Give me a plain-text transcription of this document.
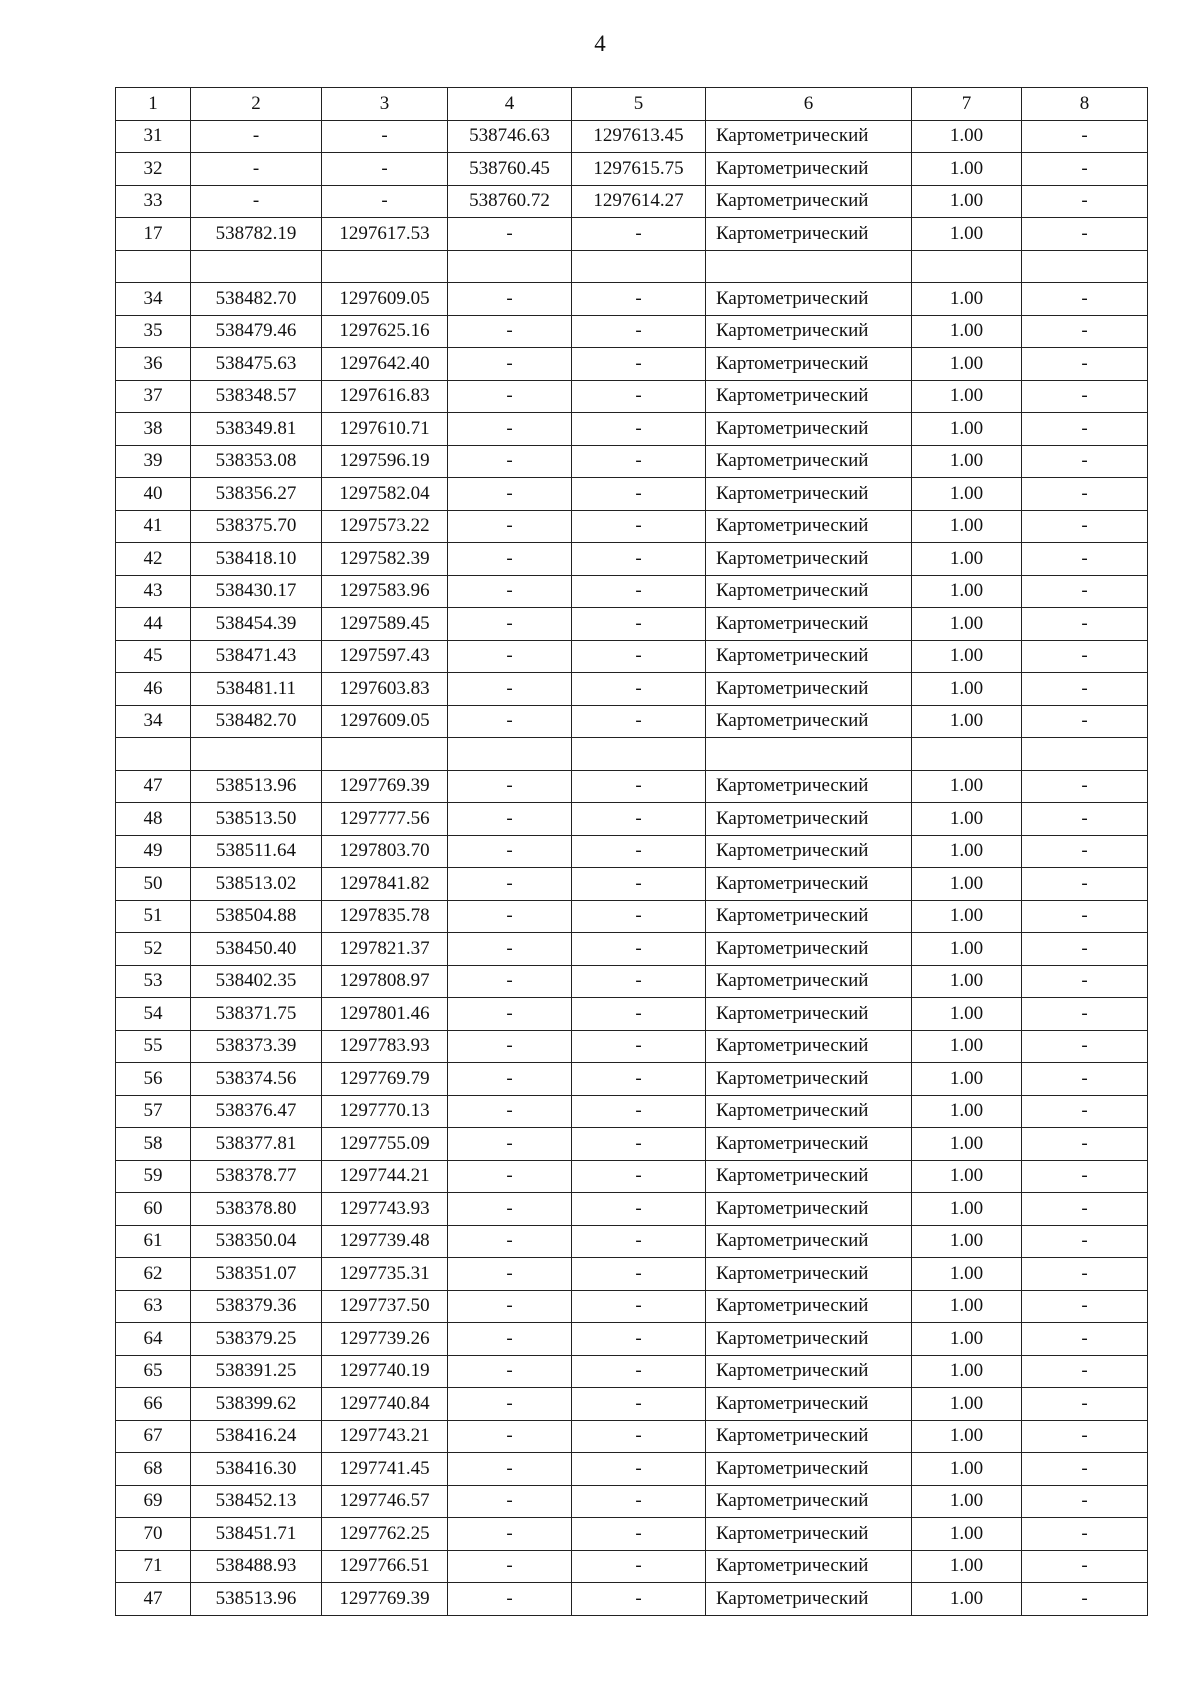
4
1	2	3	4	5	6	7	8
31	-	-	538746.63	1297613.45	Картометрический	1.00	-
32	-	-	538760.45	1297615.75	Картометрический	1.00	-
33	-	-	538760.72	1297614.27	Картометрический	1.00	-
17	538782.19	1297617.53	-	-	Картометрический	1.00	-

34	538482.70	1297609.05	-	-	Картометрический	1.00	-
35	538479.46	1297625.16	-	-	Картометрический	1.00	-
36	538475.63	1297642.40	-	-	Картометрический	1.00	-
37	538348.57	1297616.83	-	-	Картометрический	1.00	-
38	538349.81	1297610.71	-	-	Картометрический	1.00	-
39	538353.08	1297596.19	-	-	Картометрический	1.00	-
40	538356.27	1297582.04	-	-	Картометрический	1.00	-
41	538375.70	1297573.22	-	-	Картометрический	1.00	-
42	538418.10	1297582.39	-	-	Картометрический	1.00	-
43	538430.17	1297583.96	-	-	Картометрический	1.00	-
44	538454.39	1297589.45	-	-	Картометрический	1.00	-
45	538471.43	1297597.43	-	-	Картометрический	1.00	-
46	538481.11	1297603.83	-	-	Картометрический	1.00	-
34	538482.70	1297609.05	-	-	Картометрический	1.00	-

47	538513.96	1297769.39	-	-	Картометрический	1.00	-
48	538513.50	1297777.56	-	-	Картометрический	1.00	-
49	538511.64	1297803.70	-	-	Картометрический	1.00	-
50	538513.02	1297841.82	-	-	Картометрический	1.00	-
51	538504.88	1297835.78	-	-	Картометрический	1.00	-
52	538450.40	1297821.37	-	-	Картометрический	1.00	-
53	538402.35	1297808.97	-	-	Картометрический	1.00	-
54	538371.75	1297801.46	-	-	Картометрический	1.00	-
55	538373.39	1297783.93	-	-	Картометрический	1.00	-
56	538374.56	1297769.79	-	-	Картометрический	1.00	-
57	538376.47	1297770.13	-	-	Картометрический	1.00	-
58	538377.81	1297755.09	-	-	Картометрический	1.00	-
59	538378.77	1297744.21	-	-	Картометрический	1.00	-
60	538378.80	1297743.93	-	-	Картометрический	1.00	-
61	538350.04	1297739.48	-	-	Картометрический	1.00	-
62	538351.07	1297735.31	-	-	Картометрический	1.00	-
63	538379.36	1297737.50	-	-	Картометрический	1.00	-
64	538379.25	1297739.26	-	-	Картометрический	1.00	-
65	538391.25	1297740.19	-	-	Картометрический	1.00	-
66	538399.62	1297740.84	-	-	Картометрический	1.00	-
67	538416.24	1297743.21	-	-	Картометрический	1.00	-
68	538416.30	1297741.45	-	-	Картометрический	1.00	-
69	538452.13	1297746.57	-	-	Картометрический	1.00	-
70	538451.71	1297762.25	-	-	Картометрический	1.00	-
71	538488.93	1297766.51	-	-	Картометрический	1.00	-
47	538513.96	1297769.39	-	-	Картометрический	1.00	-
